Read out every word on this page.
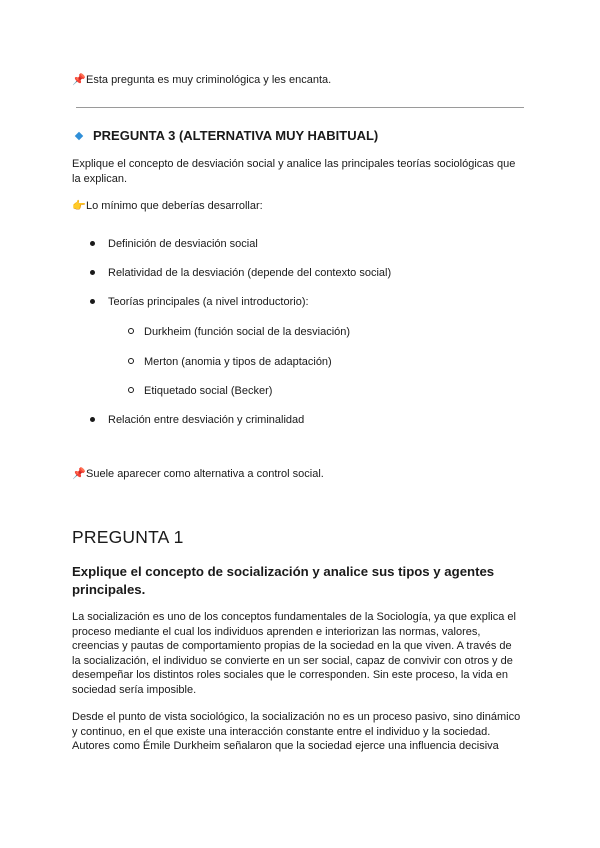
📌Esta pregunta es muy criminológica y les encanta.
PREGUNTA 3 (ALTERNATIVA MUY HABITUAL)
Explique el concepto de desviación social y analice las principales teorías sociológicas que
la explican.
👉Lo mínimo que deberías desarrollar:
Definición de desviación social
Relatividad de la desviación (depende del contexto social)
Teorías principales (a nivel introductorio):
Durkheim (función social de la desviación)
Merton (anomia y tipos de adaptación)
Etiquetado social (Becker)
Relación entre desviación y criminalidad
📌Suele aparecer como alternativa a control social.
PREGUNTA 1
Explique el concepto de socialización y analice sus tipos y agentes
principales.
La socialización es uno de los conceptos fundamentales de la Sociología, ya que explica el
proceso mediante el cual los individuos aprenden e interiorizan las normas, valores,
creencias y pautas de comportamiento propias de la sociedad en la que viven. A través de
la socialización, el individuo se convierte en un ser social, capaz de convivir con otros y de
desempeñar los distintos roles sociales que le corresponden. Sin este proceso, la vida en
sociedad sería imposible.
Desde el punto de vista sociológico, la socialización no es un proceso pasivo, sino dinámico
y continuo, en el que existe una interacción constante entre el individuo y la sociedad.
Autores como Émile Durkheim señalaron que la sociedad ejerce una influencia decisiva
